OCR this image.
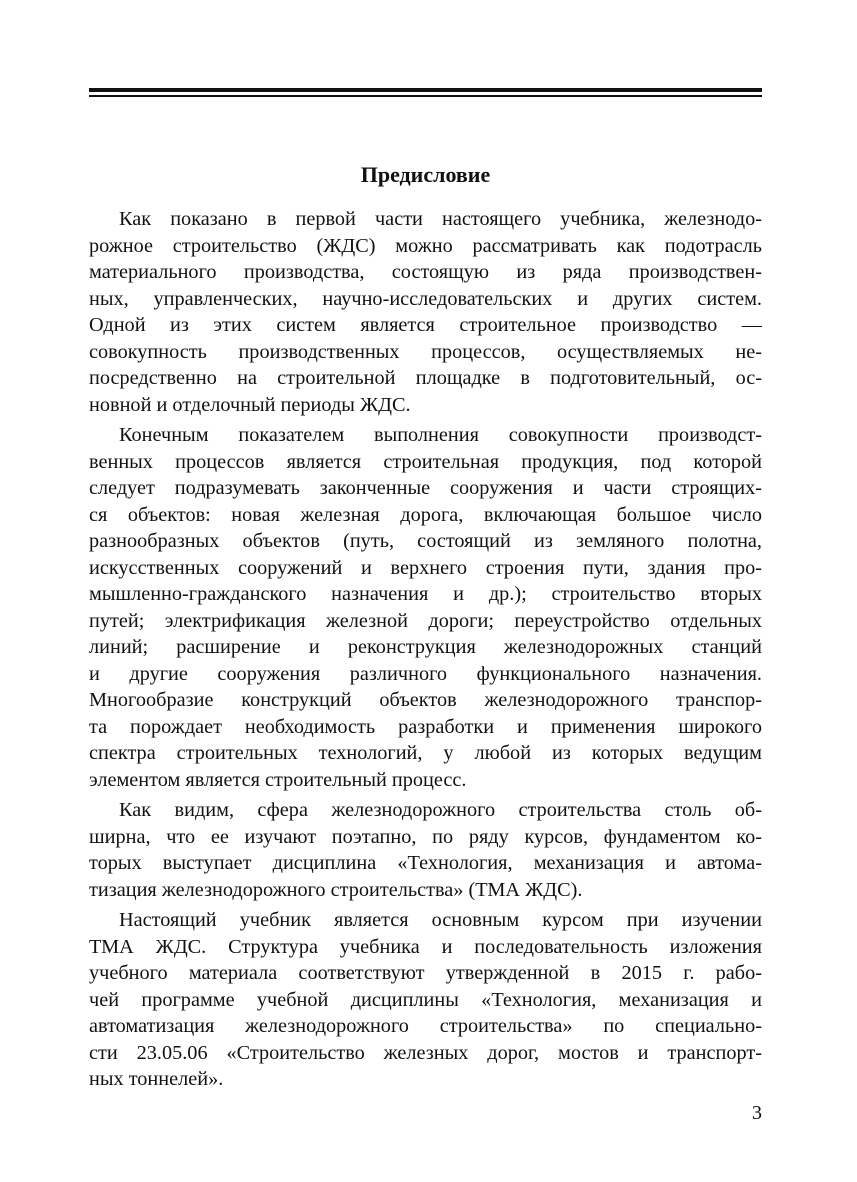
Предисловие
Как показано в первой части настоящего учебника, железнодо-
рожное строительство (ЖДС) можно рассматривать как подотрасль
материального производства, состоящую из ряда производствен-
ных, управленческих, научно-исследовательских и других систем.
Одной из этих систем является строительное производство —
совокупность производственных процессов, осуществляемых не-
посредственно на строительной площадке в подготовительный, ос-
новной и отделочный периоды ЖДС.
Конечным показателем выполнения совокупности производст-
венных процессов является строительная продукция, под которой
следует подразумевать законченные сооружения и части строящих-
ся объектов: новая железная дорога, включающая большое число
разнообразных объектов (путь, состоящий из земляного полотна,
искусственных сооружений и верхнего строения пути, здания про-
мышленно-гражданского назначения и др.); строительство вторых
путей; электрификация железной дороги; переустройство отдельных
линий; расширение и реконструкция железнодорожных станций
и другие сооружения различного функционального назначения.
Многообразие конструкций объектов железнодорожного транспор-
та порождает необходимость разработки и применения широкого
спектра строительных технологий, у любой из которых ведущим
элементом является строительный процесс.
Как видим, сфера железнодорожного строительства столь об-
ширна, что ее изучают поэтапно, по ряду курсов, фундаментом ко-
торых выступает дисциплина «Технология, механизация и автома-
тизация железнодорожного строительства» (ТМА ЖДС).
Настоящий учебник является основным курсом при изучении
ТМА ЖДС. Структура учебника и последовательность изложения
учебного материала соответствуют утвержденной в 2015 г. рабо-
чей программе учебной дисциплины «Технология, механизация и
автоматизация железнодорожного строительства» по специально-
сти 23.05.06 «Строительство железных дорог, мостов и транспорт-
ных тоннелей».
3
